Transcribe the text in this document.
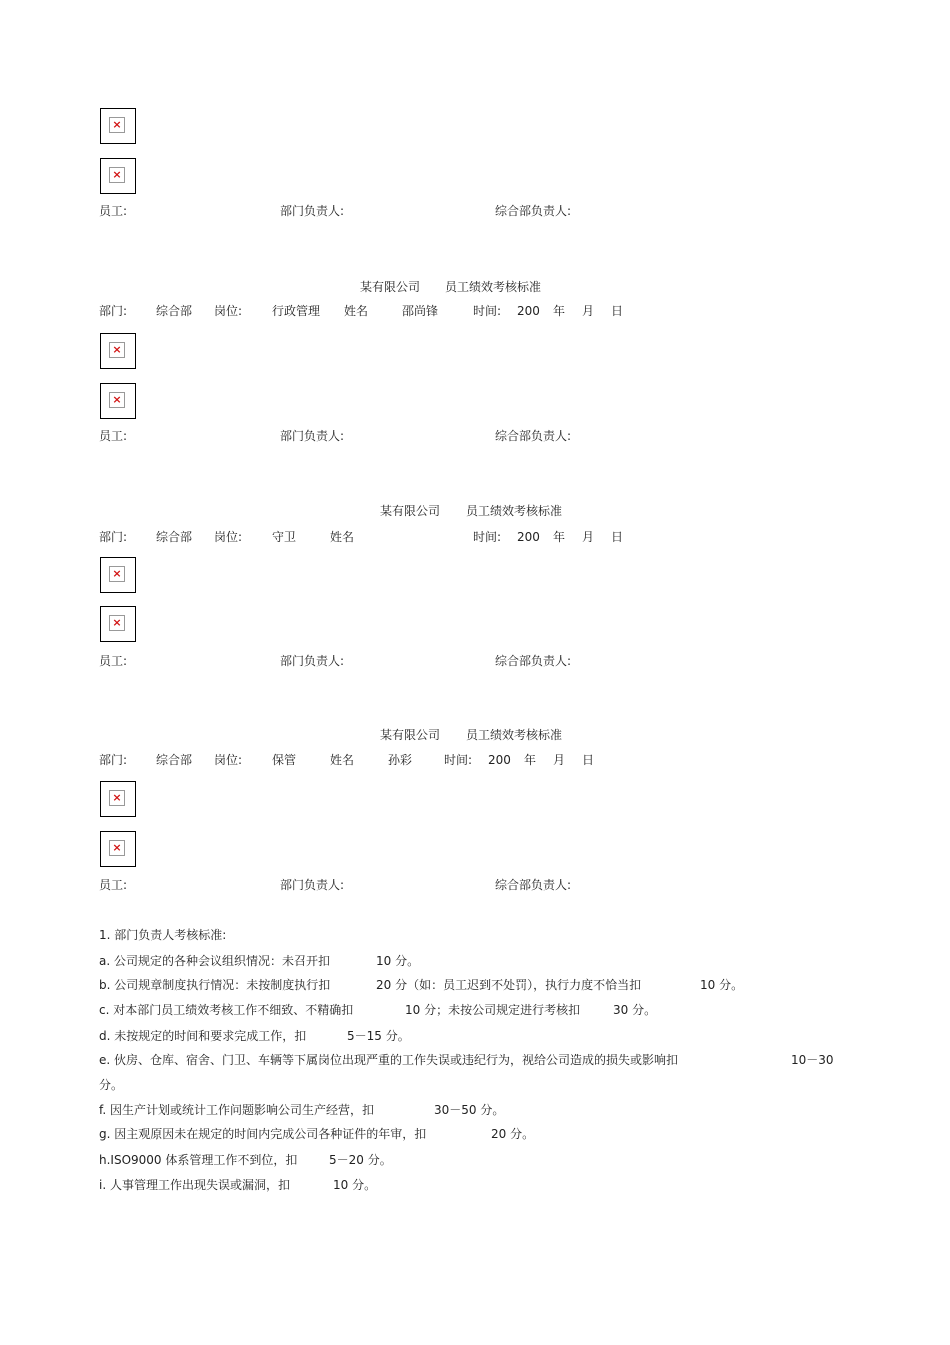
×
×
员工:	部门负责人:	综合部负责人:
某有限公司 员工绩效考核标准
部门: 综合部 岗位: 行政管理 姓名	邵尚锋	时间: 200 年 月 日
×
×
员工:	部门负责人:	综合部负责人:
某有限公司 员工绩效考核标准
部门: 综合部 岗位: 守卫	姓名	时间: 200 年 月 日
×
×
员工:	部门负责人:	综合部负责人:
某有限公司 员工绩效考核标准
部门: 综合部 岗位: 保管	姓名	孙彩	时间: 200 年 月 日
×
×
员工:	部门负责人:	综合部负责人:
1. 部门负责人考核标准:
a. 公司规定的各种会议组织情况：未召开扣	10 分。
b. 公司规章制度执行情况：未按制度执行扣	20 分（如：员工迟到不处罚），执行力度不恰当扣	10 分。
c. 对本部门员工绩效考核工作不细致、不精确扣	10 分；未按公司规定进行考核扣	30 分。
d. 未按规定的时间和要求完成工作，扣	5－15 分。
e. 伙房、仓库、宿舍、门卫、车辆等下属岗位出现严重的工作失误或违纪行为，视给公司造成的损失或影响扣	10－30
分。
f. 因生产计划或统计工作问题影响公司生产经营，扣	30－50 分。
g. 因主观原因未在规定的时间内完成公司各种证件的年审，扣	20 分。
h.ISO9000 体系管理工作不到位，扣	5－20 分。
i. 人事管理工作出现失误或漏洞，扣	10 分。
